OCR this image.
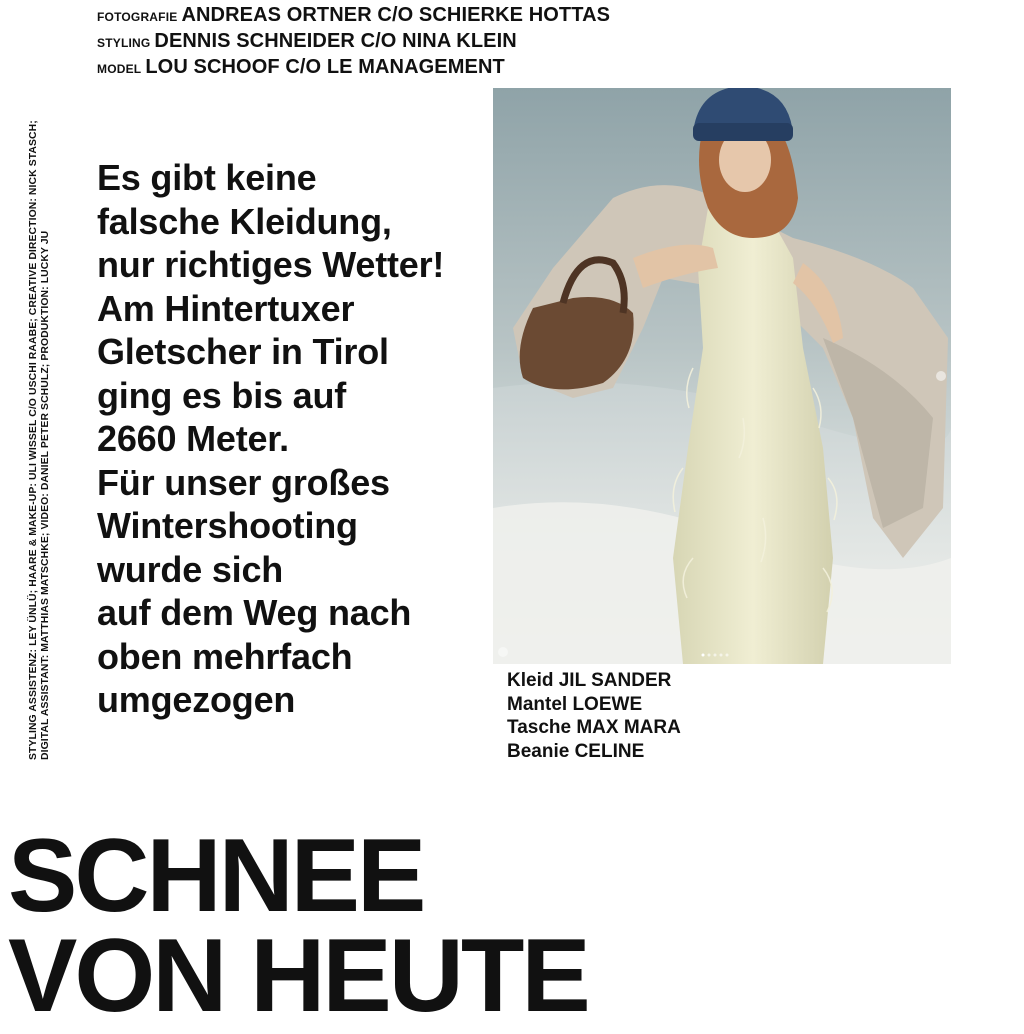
FOTOGRAFIE ANDREAS ORTNER C/O SCHIERKE HOTTAS
STYLING DENNIS SCHNEIDER C/O NINA KLEIN
MODEL LOU SCHOOF C/O LE MANAGEMENT
STYLING ASSISTENZ: LEY ÜNLÜ; HAARE & MAKE-UP: ULI WISSEL C/O USCHI RAABE; CREATIVE DIRECTION: NICK STASCH; DIGITAL ASSISTANT: MATTHIAS MATSCHKE; VIDEO: DANIEL PETER SCHULZ; PRODUKTION: LUCKY JU
Es gibt keine
falsche Kleidung,
nur richtiges Wetter!
Am Hintertuxer
Gletscher in Tirol
ging es bis auf
2660 Meter.
Für unser großes
Wintershooting
wurde sich
auf dem Weg nach
oben mehrfach
umgezogen	Kleid JIL SANDER
Mantel LOEWE
Tasche MAX MARA
Beanie CELINE
SCHNEE
VON HEUTE
